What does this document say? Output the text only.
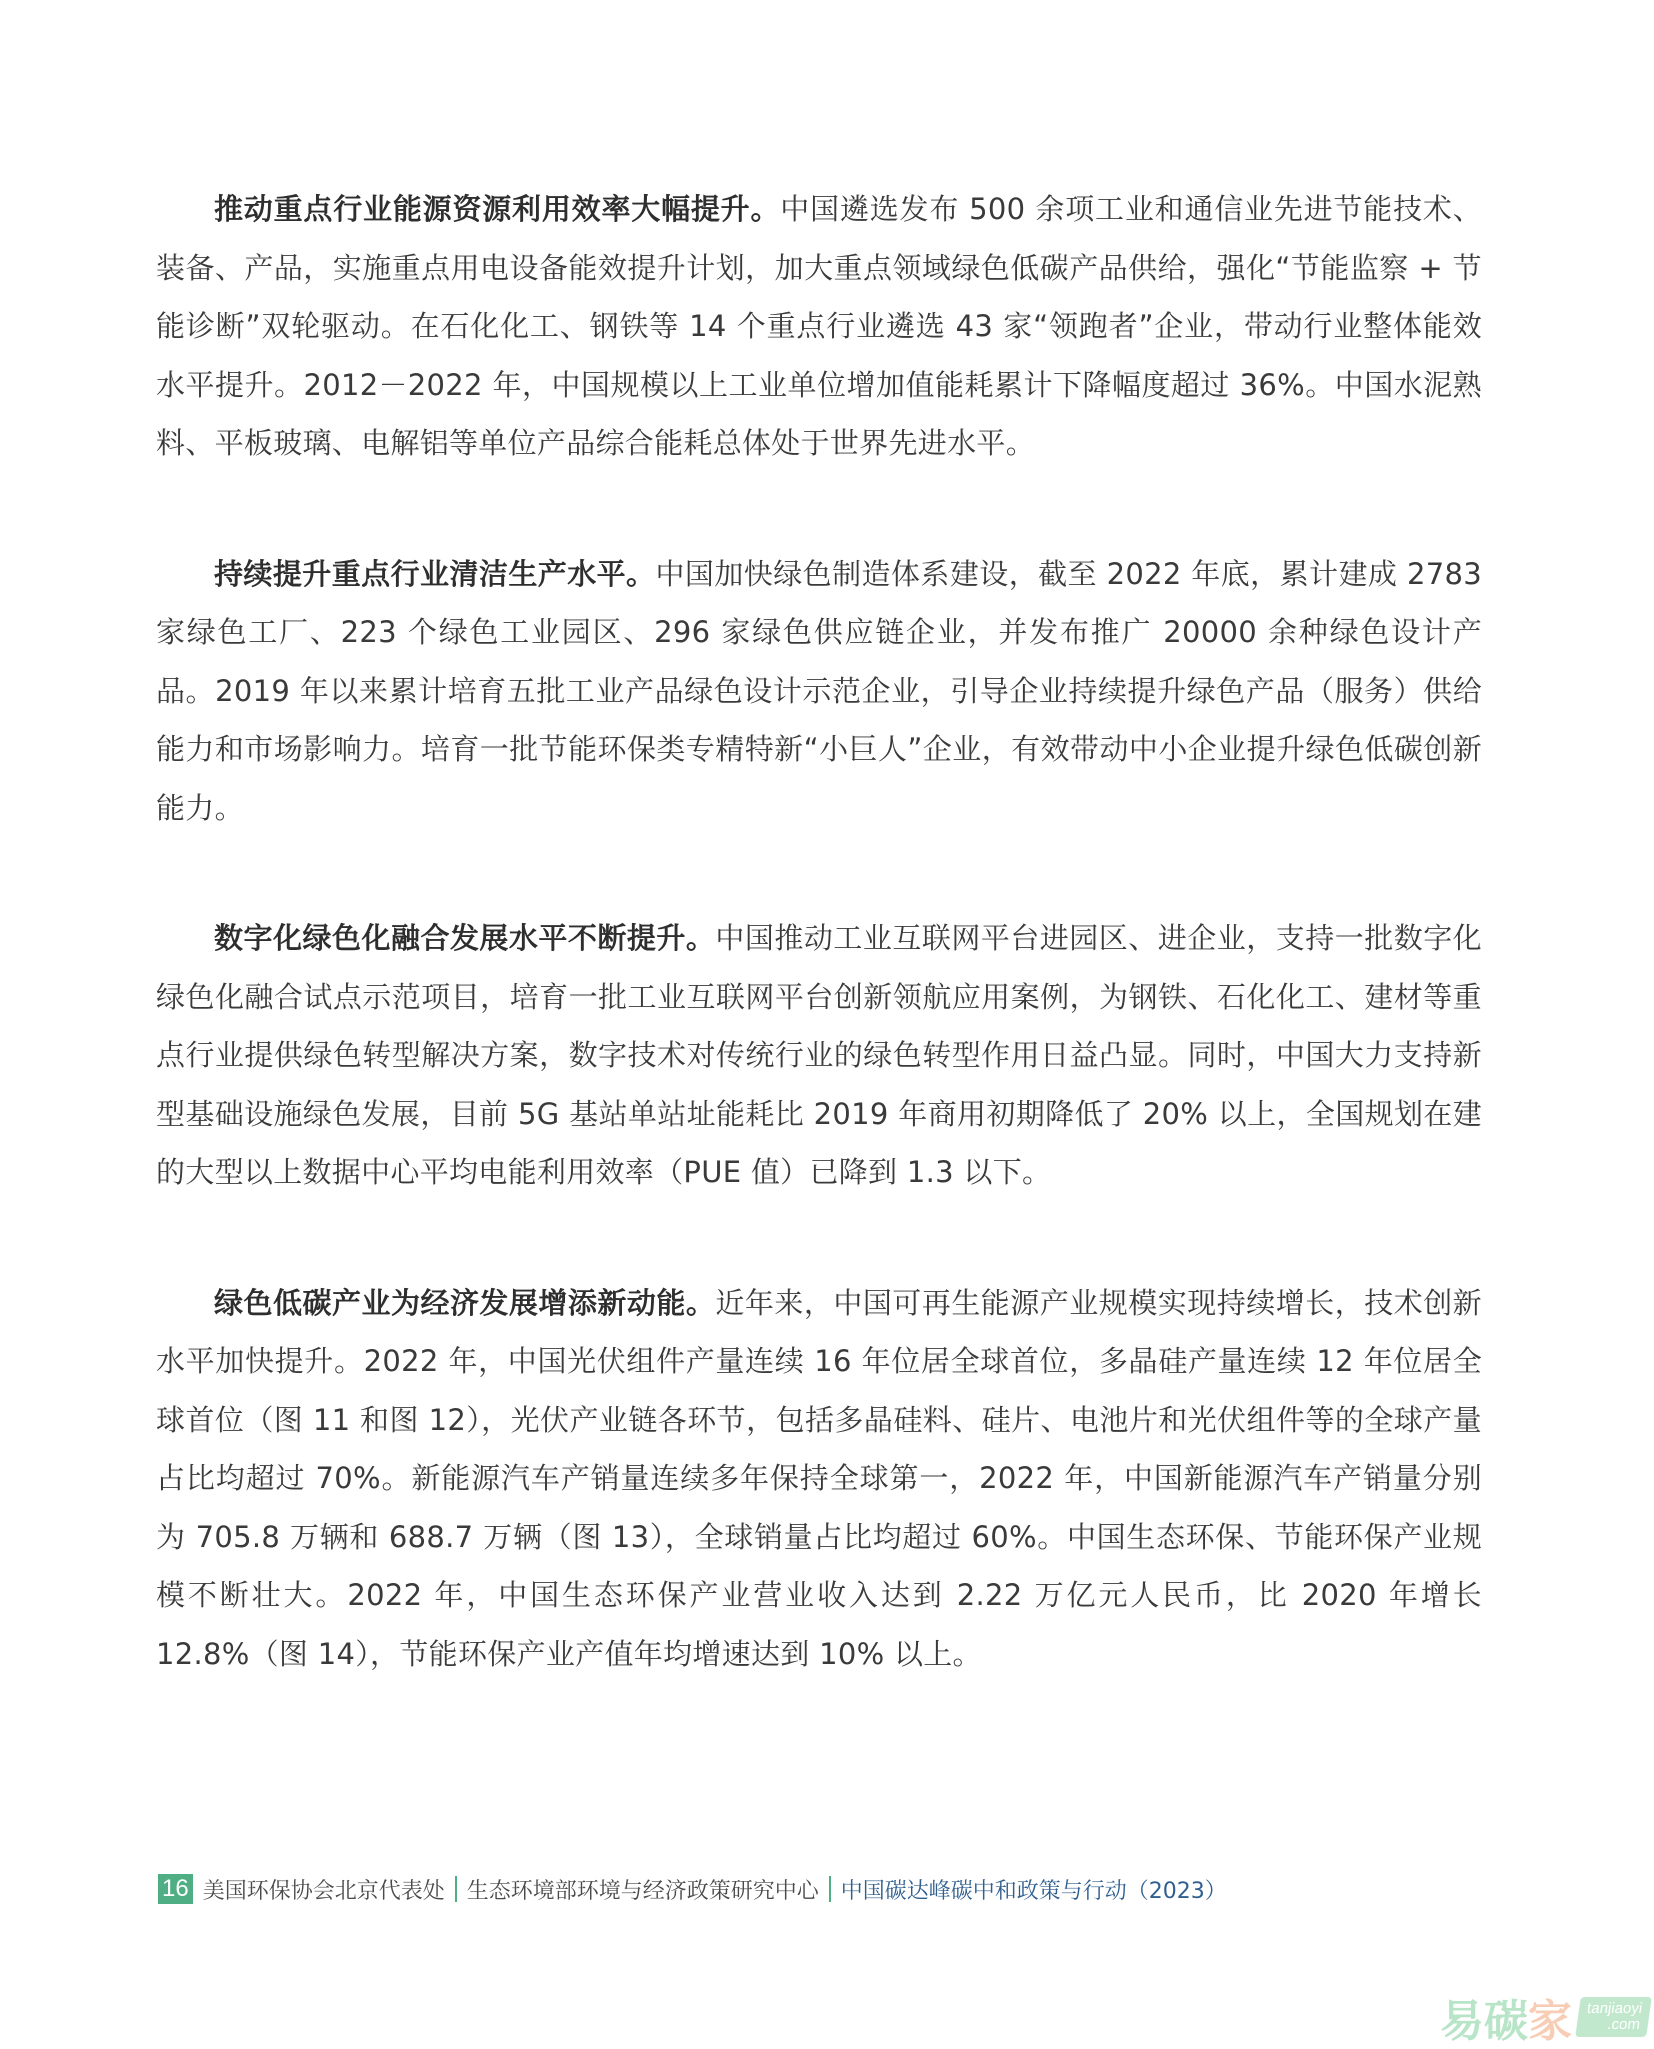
推动重点行业能源资源利用效率大幅提升。中国遴选发布 500 余项工业和通信业先进节能技术、装备、产品，实施重点用电设备能效提升计划，加大重点领域绿色低碳产品供给，强化“节能监察 + 节能诊断”双轮驱动。在石化化工、钢铁等 14 个重点行业遴选 43 家“领跑者”企业，带动行业整体能效水平提升。2012－2022 年，中国规模以上工业单位增加值能耗累计下降幅度超过 36%。中国水泥熟料、平板玻璃、电解铝等单位产品综合能耗总体处于世界先进水平。

持续提升重点行业清洁生产水平。中国加快绿色制造体系建设，截至 2022 年底，累计建成 2783 家绿色工厂、223 个绿色工业园区、296 家绿色供应链企业，并发布推广 20000 余种绿色设计产品。2019 年以来累计培育五批工业产品绿色设计示范企业，引导企业持续提升绿色产品（服务）供给能力和市场影响力。培育一批节能环保类专精特新“小巨人”企业，有效带动中小企业提升绿色低碳创新能力。

数字化绿色化融合发展水平不断提升。中国推动工业互联网平台进园区、进企业，支持一批数字化绿色化融合试点示范项目，培育一批工业互联网平台创新领航应用案例，为钢铁、石化化工、建材等重点行业提供绿色转型解决方案，数字技术对传统行业的绿色转型作用日益凸显。同时，中国大力支持新型基础设施绿色发展，目前 5G 基站单站址能耗比 2019 年商用初期降低了 20% 以上，全国规划在建的大型以上数据中心平均电能利用效率（PUE 值）已降到 1.3 以下。

绿色低碳产业为经济发展增添新动能。近年来，中国可再生能源产业规模实现持续增长，技术创新水平加快提升。2022 年，中国光伏组件产量连续 16 年位居全球首位，多晶硅产量连续 12 年位居全球首位（图 11 和图 12），光伏产业链各环节，包括多晶硅料、硅片、电池片和光伏组件等的全球产量占比均超过 70%。新能源汽车产销量连续多年保持全球第一，2022 年，中国新能源汽车产销量分别为 705.8 万辆和 688.7 万辆（图 13），全球销量占比均超过 60%。中国生态环保、节能环保产业规模不断壮大。2022 年，中国生态环保产业营业收入达到 2.22 万亿元人民币，比 2020 年增长 12.8%（图 14），节能环保产业产值年均增速达到 10% 以上。

16 美国环保协会北京代表处 生态环境部环境与经济政策研究中心 中国碳达峰碳中和政策与行动（2023）
易 碳 家 tanjiaoyi
.com
